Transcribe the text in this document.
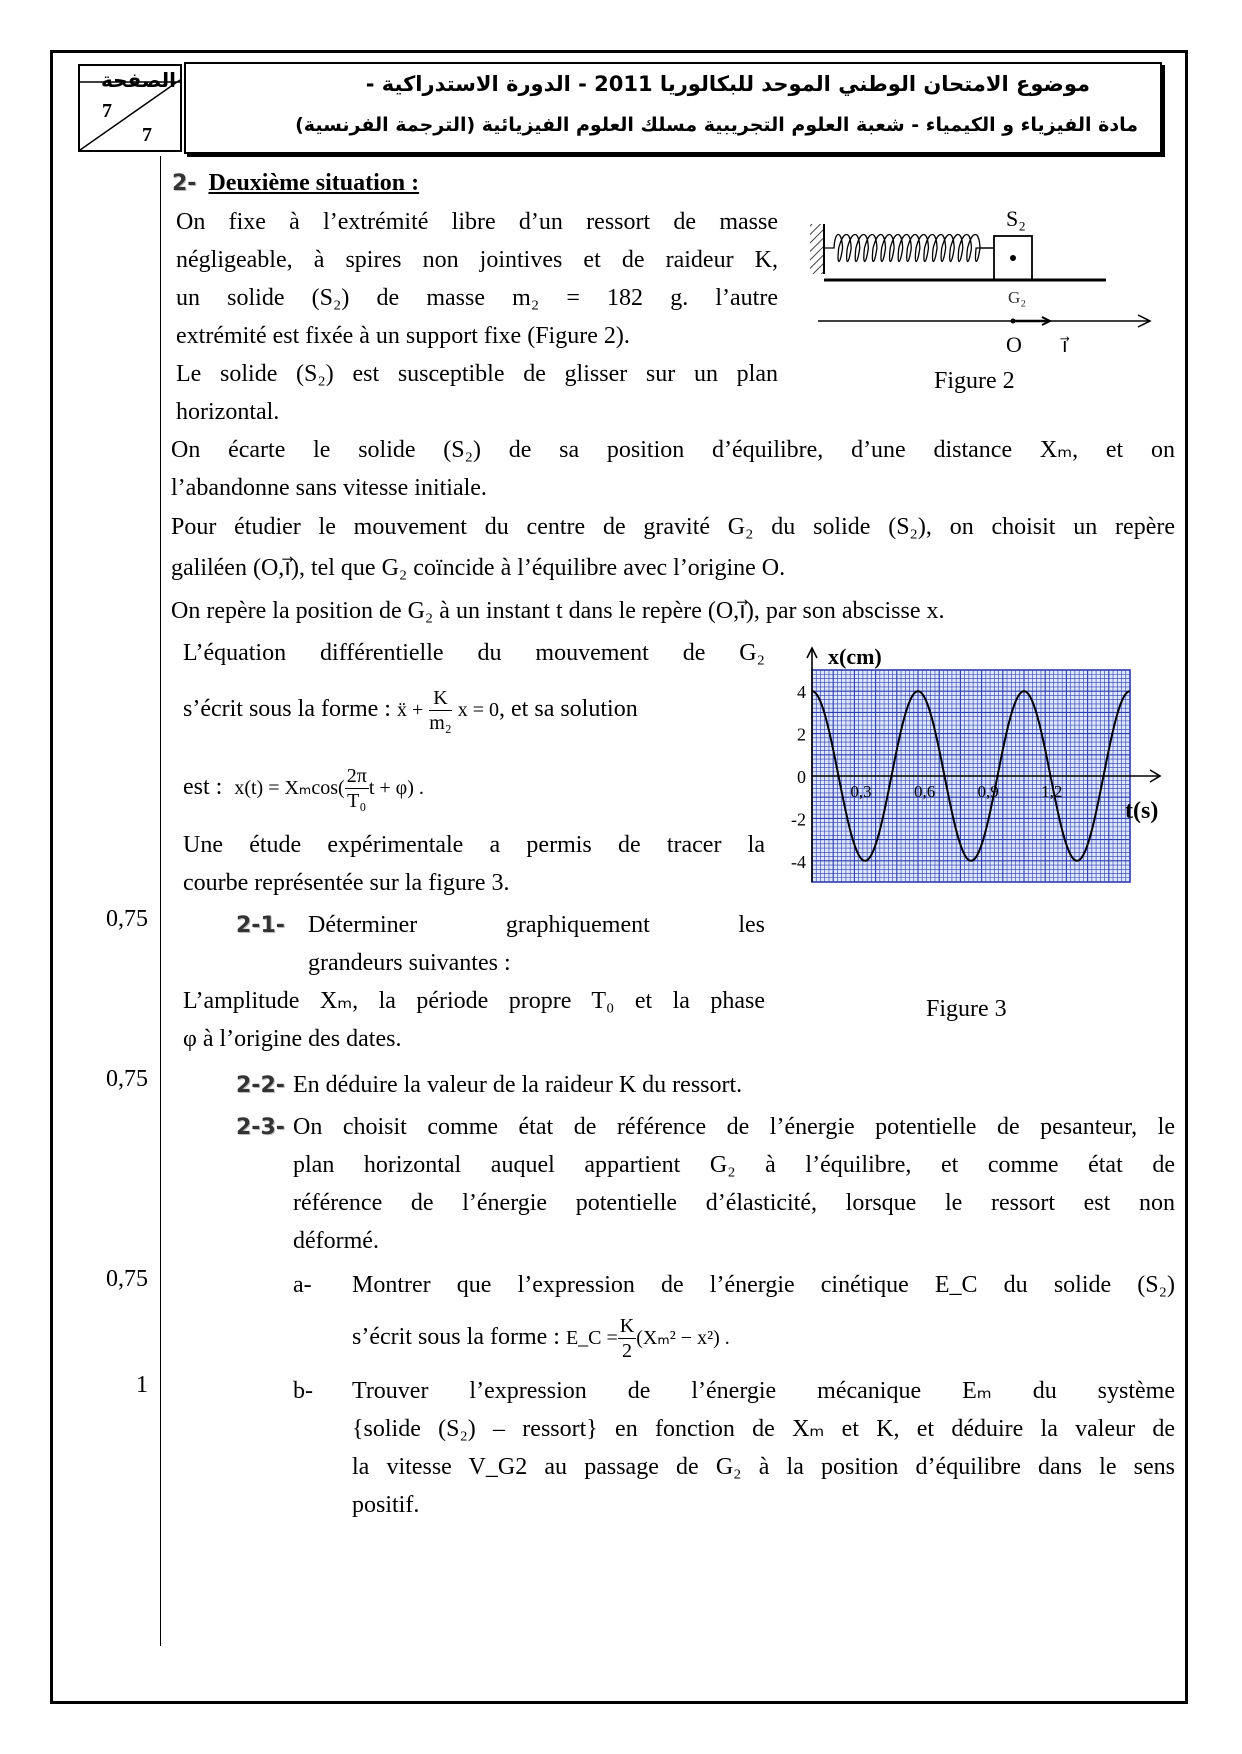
الصفحة
7
7
موضوع الامتحان الوطني الموحد للبكالوريا 2011 - الدورة الاستدراكية -
مادة الفيزياء و الكيمياء - شعبة العلوم التجريبية مسلك العلوم الفيزيائية (الترجمة الفرنسية)
0,75
0,75
0,75
1
2- Deuxième situation :
On fixe à l’extrémité libre d’un ressort de masse
négligeable, à spires non jointives et de raideur K,
un solide (S₂) de masse m₂ = 182 g. l’autre
extrémité est fixée à un support fixe (Figure 2).
Le solide (S₂) est susceptible de glisser sur un plan
horizontal.
On écarte le solide (S₂) de sa position d’équilibre, d’une distance Xₘ, et on
l’abandonne sans vitesse initiale.
Pour étudier le mouvement du centre de gravité G₂ du solide (S₂), on choisit un repère
galiléen (O,i⃗), tel que G₂ coïncide à l’équilibre avec l’origine O.
On repère la position de G₂ à un instant t dans le repère (O,i⃗), par son abscisse x.
L’équation différentielle du mouvement de G₂
s’écrit sous la forme : ẍ + $\frac{K}{\text{m₂}}$ x = 0, et sa solution
est : $x(t) = X_m\cos( \frac{2\pi}{\text{T₀}}$ t + φ) .
Une étude expérimentale a permis de tracer la
courbe représentée sur la figure 3.
2-1- Déterminer graphiquement les
grandeurs suivantes :
L’amplitude Xₘ, la période propre T₀ et la phase
φ à l’origine des dates.
2-2- En déduire la valeur de la raideur K du ressort.
2-3- On choisit comme état de référence de l’énergie potentielle de pesanteur, le
plan horizontal auquel appartient G₂ à l’équilibre, et comme état de
référence de l’énergie potentielle d’élasticité, lorsque le ressort est non
déformé.
a- Montrer que l’expression de l’énergie cinétique E_C du solide (S₂)
s’écrit sous la forme : E_C = $\frac{K}{2} (X_m^2 - x^2)$ .
b- Trouver l’expression de l’énergie mécanique Eₘ du système
{solide (S₂) – ressort} en fonction de Xₘ et K, et déduire la valeur de
la vitesse V_G2 au passage de G₂ à la position d’équilibre dans le sens
positif.
S₂
G₂
O i⃗
Figure 2
4
2
0
-2
-4
0,3 0,6 0,9 1,2
x(cm)
t(s)
Figure 3
